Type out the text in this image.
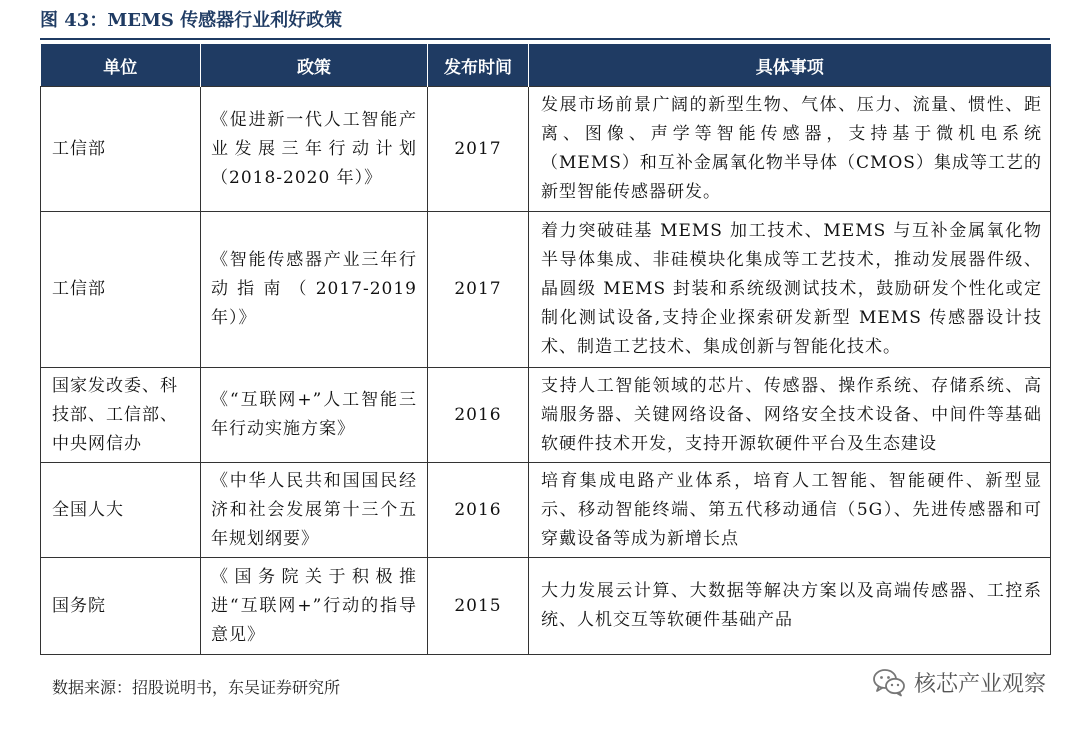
图 43：MEMS 传感器行业利好政策
单位	政策	发布时间	具体事项
工信部	《促进新一代人工智能产业发展三年行动计划（2018-2020 年）》	2017	发展市场前景广阔的新型生物、气体、压力、流量、惯性、距离、图像、声学等智能传感器，支持基于微机电系统（MEMS）和互补金属氧化物半导体（CMOS）集成等工艺的新型智能传感器研发。
工信部	《智能传感器产业三年行动指南（2017-2019 年）》	2017	着力突破硅基 MEMS 加工技术、MEMS 与互补金属氧化物半导体集成、非硅模块化集成等工艺技术，推动发展器件级、晶圆级 MEMS 封装和系统级测试技术，鼓励研发个性化或定制化测试设备,支持企业探索研发新型 MEMS 传感器设计技术、制造工艺技术、集成创新与智能化技术。
国家发改委、科技部、工信部、中央网信办	《“互联网+”人工智能三年行动实施方案》	2016	支持人工智能领域的芯片、传感器、操作系统、存储系统、高端服务器、关键网络设备、网络安全技术设备、中间件等基础软硬件技术开发，支持开源软硬件平台及生态建设
全国人大	《中华人民共和国国民经济和社会发展第十三个五年规划纲要》	2016	培育集成电路产业体系，培育人工智能、智能硬件、新型显示、移动智能终端、第五代移动通信（5G）、先进传感器和可穿戴设备等成为新增长点
国务院	《国务院关于积极推进“互联网+”行动的指导意见》	2015	大力发展云计算、大数据等解决方案以及高端传感器、工控系统、人机交互等软硬件基础产品
数据来源：招股说明书，东吴证券研究所	核芯产业观察
